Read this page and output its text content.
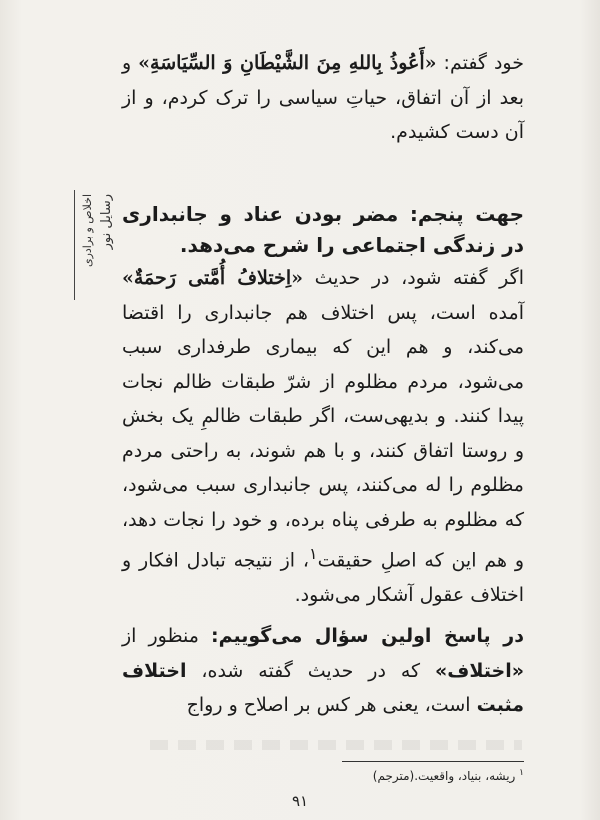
خود گفتم: «أَعُوذُ بِاللهِ مِنَ الشَّيْطَانِ وَ السِّيَاسَةِ» و بعد از آن اتفاق، حیاتِ سیاسی را ترک کردم، و از آن دست کشیدم.

جهت پنجم: مضر بودن عناد و جانبداری در زندگی اجتماعی را شرح می‌دهد.

اگر گفته شود، در حدیث «اِختلافُ أُمَّتی رَحمَةٌ» آمده است، پس اختلاف هم جانبداری را اقتضا می‌کند، و هم این که بیماری طرفداری سبب می‌شود، مردم مظلوم از شرّ طبقات ظالم نجات پیدا کنند. و بدیهی‌ست، اگر طبقات ظالمِ یک بخش و روستا اتفاق کنند، و با هم شوند، به راحتی مردم مظلوم را له می‌کنند، پس جانبداری سبب می‌شود، که مظلوم به طرفی پناه برده، و خود را نجات دهد، و هم این که اصلِ حقیقت$^۱$، از نتیجه تبادل افکار و اختلاف عقول آشکار می‌شود.

در پاسخ اولین سؤال می‌گوییم: منظور از «اختلاف» که در حدیث گفته شده، اختلاف مثبت است، یعنی هر کس بر اصلاح و رواج

رسایل نور
اخلاص و برادری
$^۱$ ریشه، بنیاد، واقعیت.(مترجم)
۹۱
